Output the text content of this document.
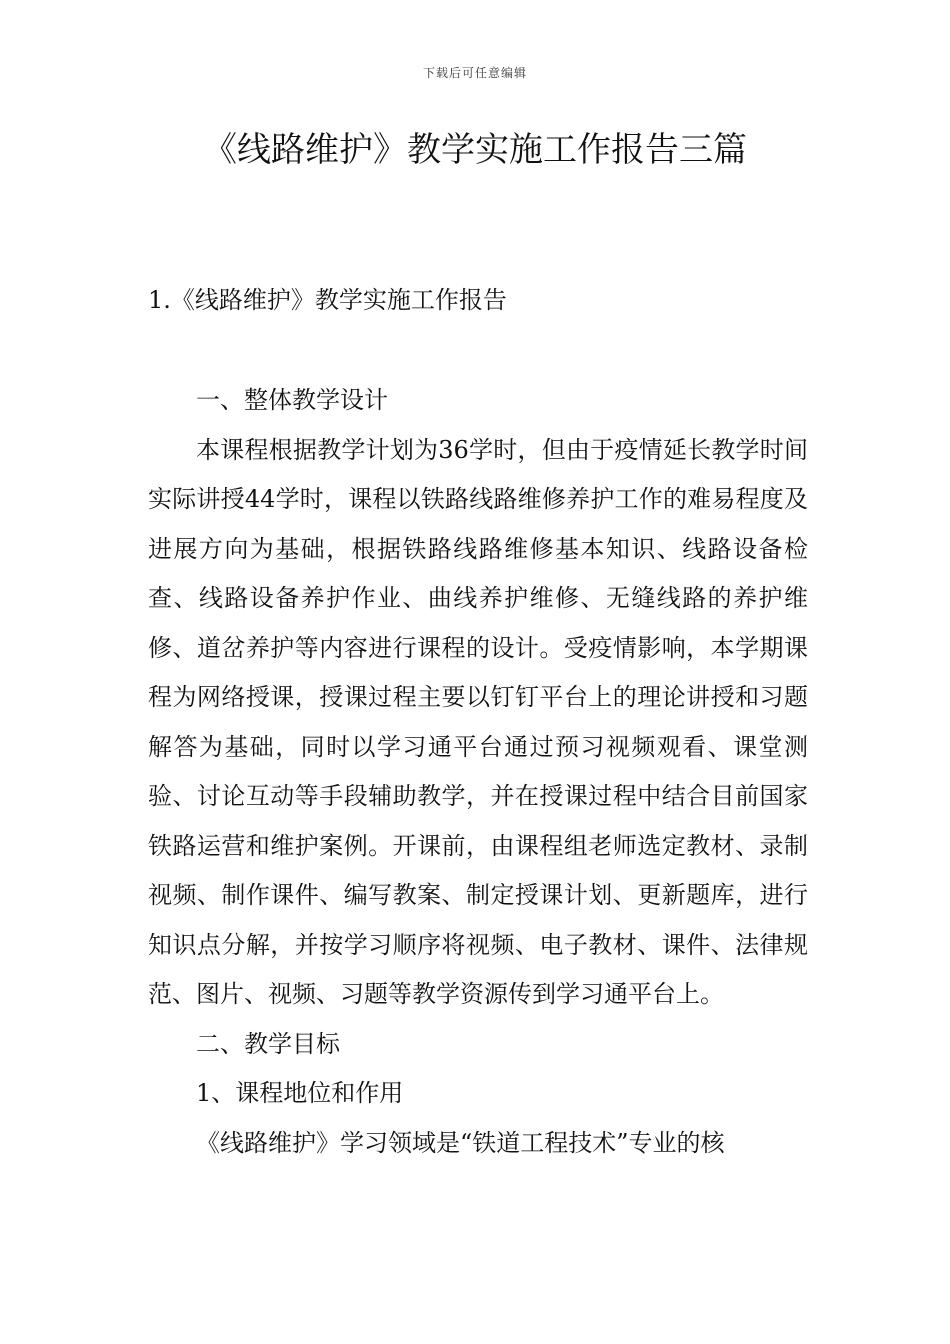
下载后可任意编辑
《线路维护》教学实施工作报告三篇
1.《线路维护》教学实施工作报告

一、整体教学设计

本课程根据教学计划为36学时，但由于疫情延长教学时间实际讲授44学时，课程以铁路线路维修养护工作的难易程度及进展方向为基础，根据铁路线路维修基本知识、线路设备检查、线路设备养护作业、曲线养护维修、无缝线路的养护维修、道岔养护等内容进行课程的设计。受疫情影响，本学期课程为网络授课，授课过程主要以钉钉平台上的理论讲授和习题解答为基础，同时以学习通平台通过预习视频观看、课堂测验、讨论互动等手段辅助教学，并在授课过程中结合目前国家铁路运营和维护案例。开课前，由课程组老师选定教材、录制视频、制作课件、编写教案、制定授课计划、更新题库，进行知识点分解，并按学习顺序将视频、电子教材、课件、法律规范、图片、视频、习题等教学资源传到学习通平台上。

二、教学目标

1、课程地位和作用

《线路维护》学习领域是“铁道工程技术”专业的核
